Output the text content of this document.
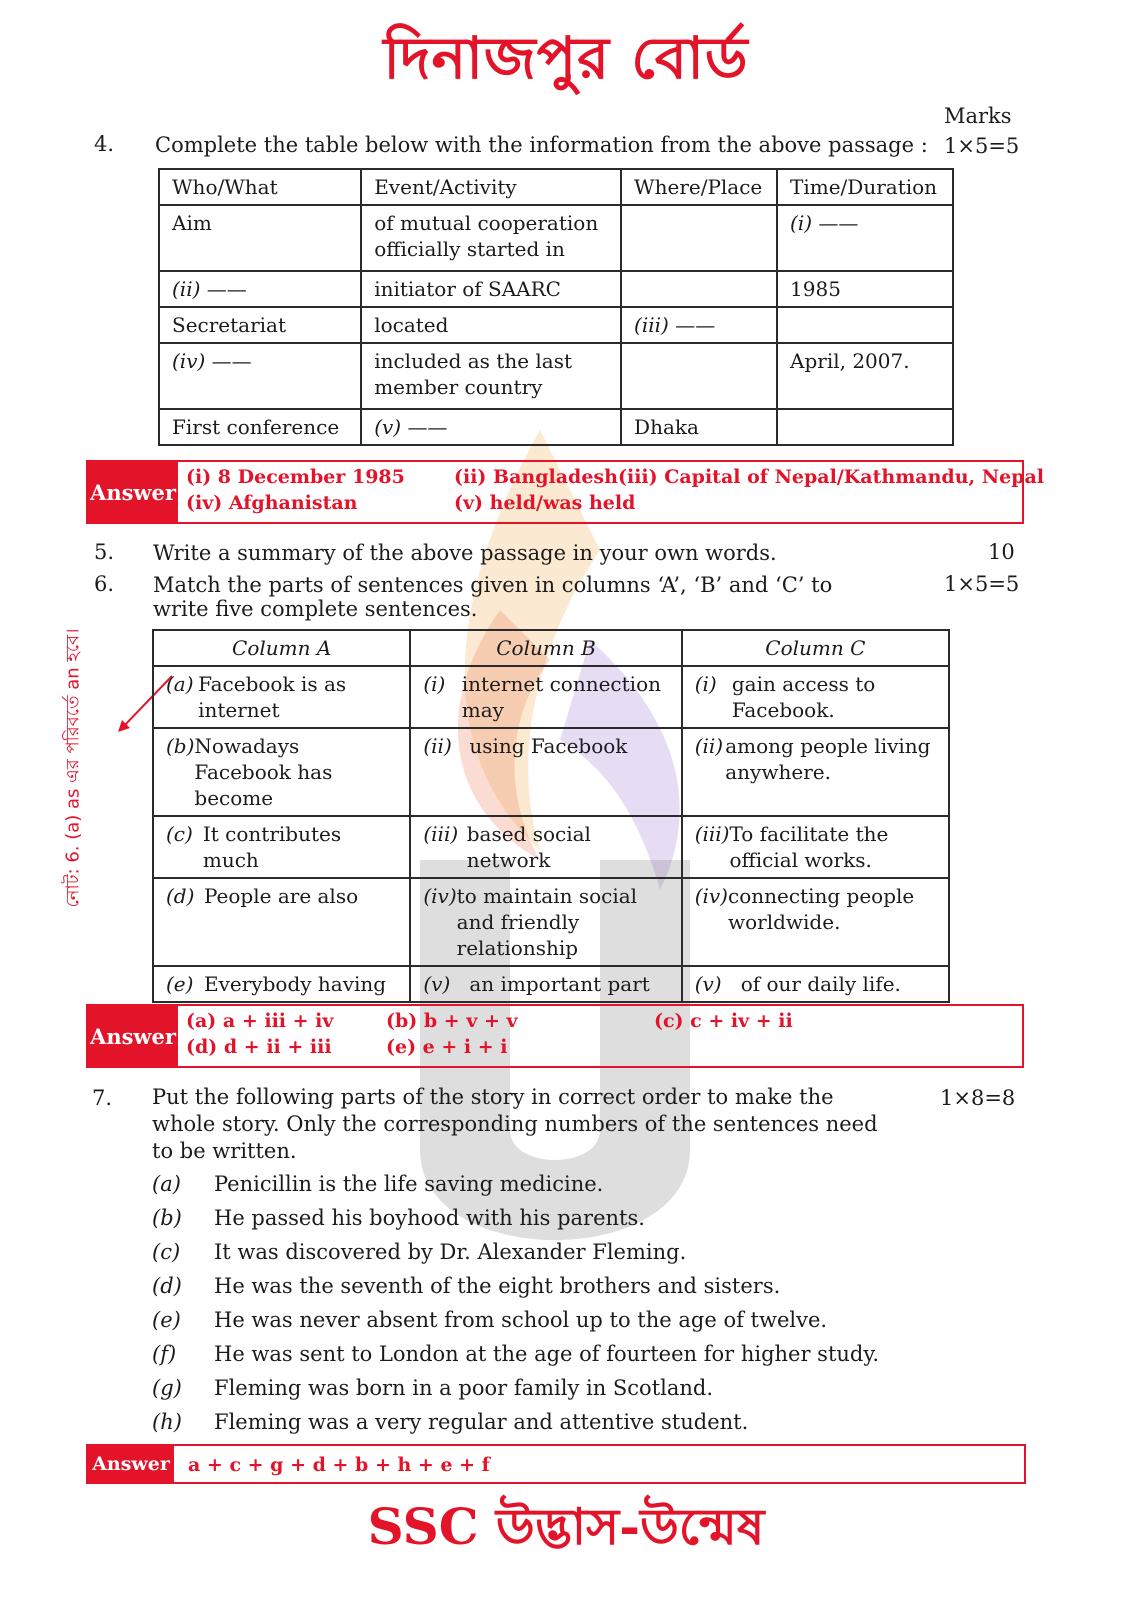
দিনাজপুর বোর্ড
Marks
4. Complete the table below with the information from the above passage : 1×5=5
Who/What	Event/Activity	Where/Place	Time/Duration
Aim	of mutual cooperation officially started in		(i) ——
(ii) ——	initiator of SAARC		1985
Secretariat	located	(iii) ——	
(iv) ——	included as the last member country		April, 2007.
First conference	(v) ——	Dhaka	
Answer
(i) 8 December 1985	(ii) Bangladesh (iii) Capital of Nepal/Kathmandu, Nepal
(iv) Afghanistan	(v) held/was held
5. Write a summary of the above passage in your own words.	10
6. Match the parts of sentences given in columns ‘A’, ‘B’ and ‘C’ to
write five complete sentences.
1×5=5
নোট: 6. (a) as এর পরিবর্তে an হবে।	Column A	Column B	Column C

(a) Facebook is as internet	(i) internet connection may	(i) gain access to Facebook.

(b) Nowadays Facebook has become	(ii) using Facebook	(ii) among people living anywhere.

(c) It contributes much	(iii) based social network	(iii) To facilitate the official works.

(d) People are also	(iv) to maintain social and friendly relationship	(iv) connecting people worldwide.

(e) Everybody having	(v) an important part	(v) of our daily life.
Answer
(a) a + iii + iv	(b) b + v + v	(c) c + iv + ii
(d) d + ii + iii	(e) e + i + i
7. Put the following parts of the story in correct order to make the
whole story. Only the corresponding numbers of the sentences need
to be written.
1×8=8
(a) Penicillin is the life saving medicine.
(b) He passed his boyhood with his parents.
(c) It was discovered by Dr. Alexander Fleming.
(d) He was the seventh of the eight brothers and sisters.
(e) He was never absent from school up to the age of twelve.
(f) He was sent to London at the age of fourteen for higher study.
(g) Fleming was born in a poor family in Scotland.
(h) Fleming was a very regular and attentive student.
Answer a + c + g + d + b + h + e + f
SSC উদ্ভাস-উন্মেষ
